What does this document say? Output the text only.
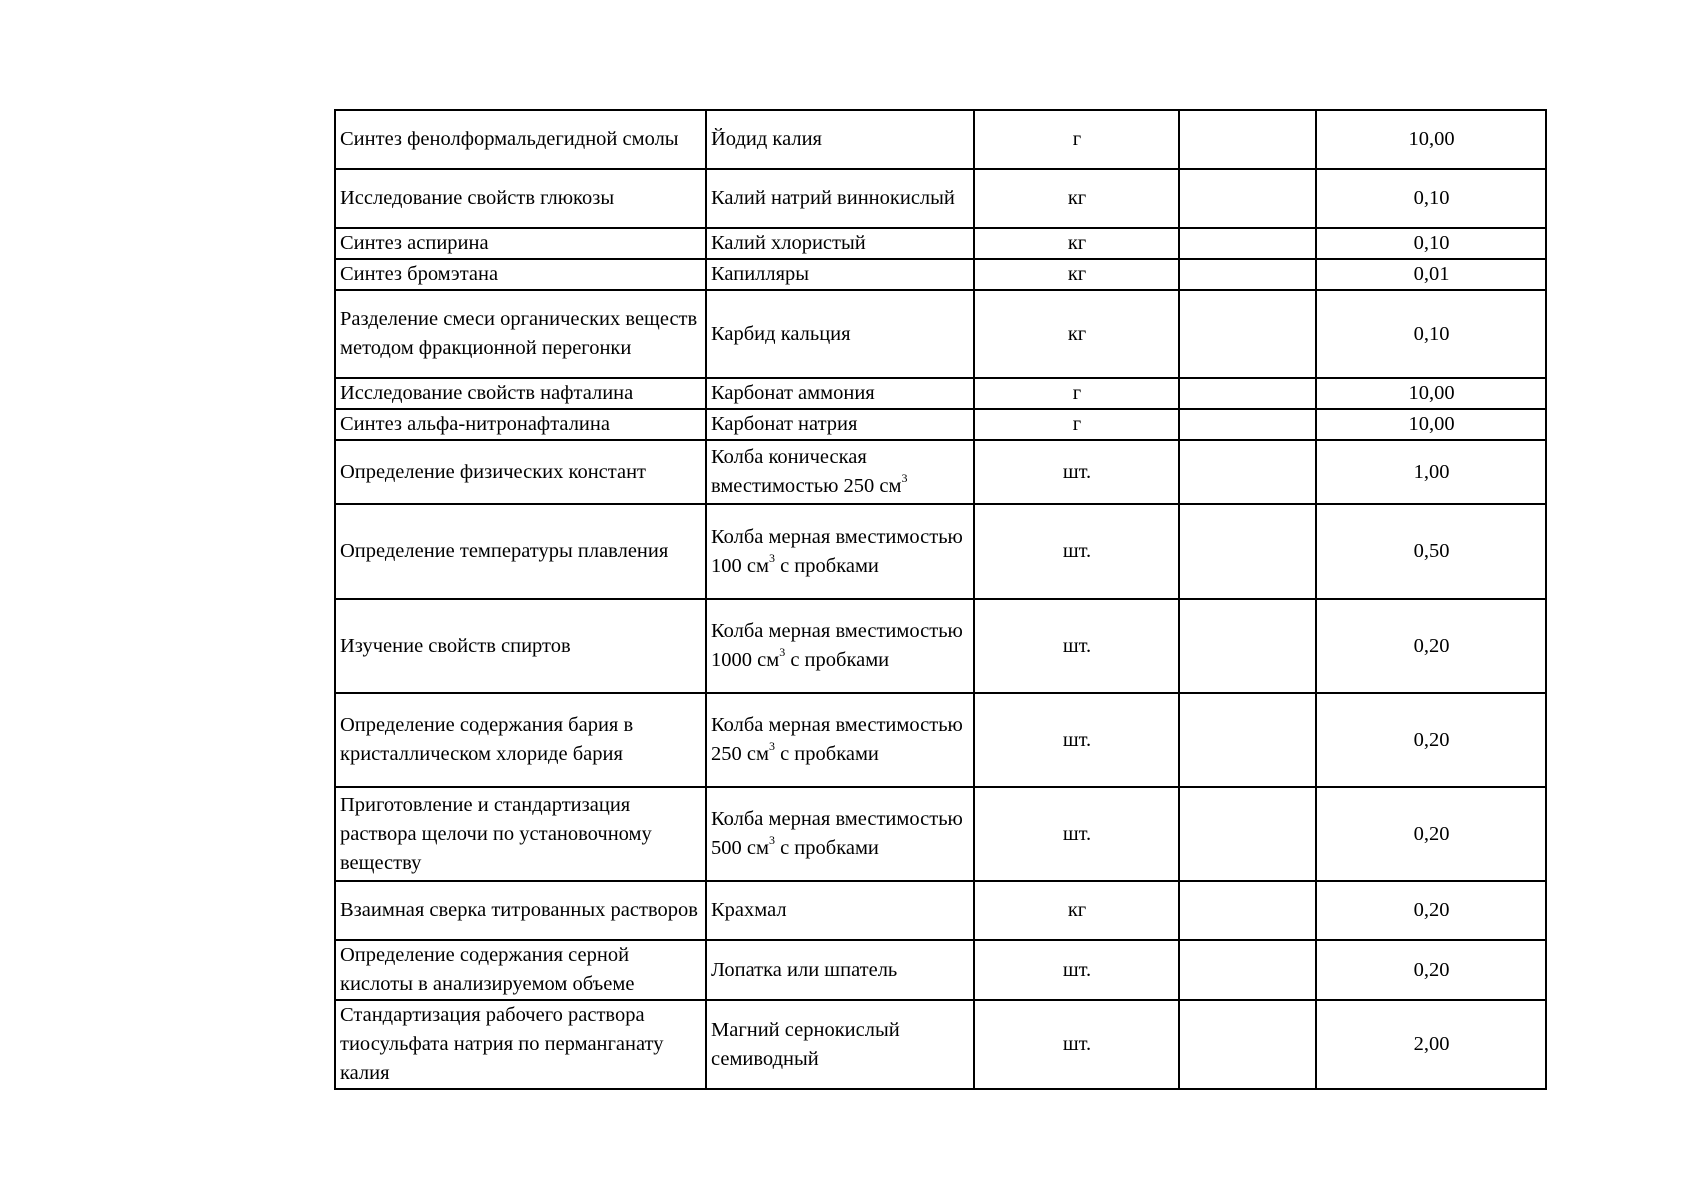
Синтез фенолформальдегидной смолы	Йодид калия	г		10,00
Исследование свойств глюкозы	Калий натрий виннокислый	кг		0,10
Синтез аспирина	Калий хлористый	кг		0,10
Синтез бромэтана	Капилляры	кг		0,01
Разделение смеси органических веществ методом фракционной перегонки	Карбид кальция	кг		0,10
Исследование свойств нафталина	Карбонат аммония	г		10,00
Синтез альфа-нитронафталина	Карбонат натрия	г		10,00
Определение физических констант	Колба коническая вместимостью 250 $см^3$	шт.		1,00
Определение температуры плавления	Колба мерная вместимостью 100 $см^3$ с пробками	шт.		0,50
Изучение свойств спиртов	Колба мерная вместимостью 1000 $см^3$ с пробками	шт.		0,20
Определение содержания бария в кристаллическом хлориде бария	Колба мерная вместимостью 250 $см^3$ с пробками	шт.		0,20
Приготовление и стандартизация раствора щелочи по установочному веществу	Колба мерная вместимостью 500 $см^3$ с пробками	шт.		0,20
Взаимная сверка титрованных растворов	Крахмал	кг		0,20
Определение содержания серной кислоты в анализируемом объеме	Лопатка или шпатель	шт.		0,20
Стандартизация рабочего раствора тиосульфата натрия по перманганату калия	Магний сернокислый семиводный	шт.		2,00
